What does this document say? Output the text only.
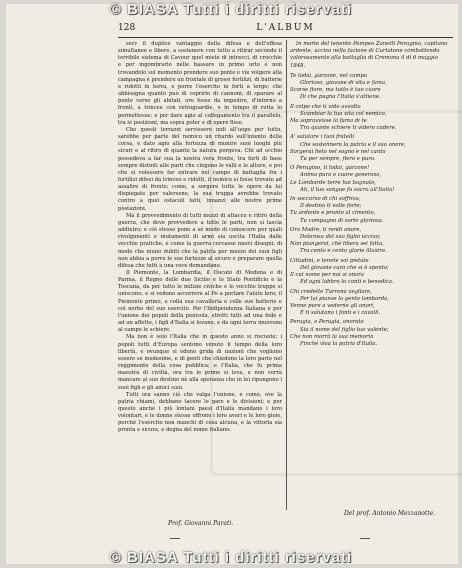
© BIASA Tutti i diritti riservati
L'ALBUM
128

serv il duplice vantaggio della difesa e dell'offesa simultanee e libere, a sostenere con tutto a ritirar secondo il terribile sistema di Cavour quel misto di intrecci, di crocchie e per ingombrarlo nelle bassure in primo urto e non trovandolo sul momento prendere suo ponte e vie volgere alla campagna e prendere un frontale di grossi fortilizi, di batterie e ridotti in terra, e porre l'esercito in forti a tergo; che abbisogna quanto può di coprirlo di cannoni; di sparare al ponte verso gli abitati, ore fosse da impedire, d'intorno a fronti, a trincee con retroguardie, e in tempo di rotta lo permettesse; e per dare agio al collegamento tra il parallelo, tra le posizioni, ma sopra poter e di opere fisse.

Che questi terrazzi servissero indi all'uopo per tutto, sarebbe per parte del nemico un ritardo sull'intento della corsa, e dato agio alla fortezza di munire suoi luoghi più sicuri e al ritiro di quanto la natura porgeva. Chi ad occhio possedeva a far sua la nostra vera fronte, tra forti di base sempre distinti alle parti che cingono le valli e le alture, e poi che si volessero far entrare nel campo di battaglia fra i fortilizi difesi da trincee e ridotti, il nemico si fosse trovato ad assalire di fronte; come, a sorgere tutte le opere da lui dispiegate per valersene, la sua truppa avrebbe trovato contro a quei ostacoli fatti, innanzi alle nostre prime postazioni.

Ma il provvedimento di tutti mezzi di attacco e ritiro della guerra, che deve provvedere a tutte le parti, non si lascia addietro; e ciò stesso pone a sé modo di conoscere per quali rivolgimenti e mutamenti di armi sia uscita l'Italia dalle vecchie pratiche, e come la guerra cercasse nuovi disegni; di modo che niuno dubiti che la patria per mezzo dei suoi figli non abbia a porre le sue fortezze al sicuro e preparare quella difesa che tutti a una voce domandano.

Il Piemonte, la Lombardia, il Ducato di Modena e di Parma, il Regno delle due Sicilie e lo Stato Pontificio e la Toscana, da per tutto le milizie civiche e le vecchie truppe si uniscono, e si vedono accorrere al Po a portare l'aiuto loro; il Piemonte primo, e colla sua cavalleria e colle sue batterie e col nerbo del suo esercito. Per l'Indipendenza Italiana e per l'unione dei popoli della penisola, stretti tutti ad una fede e ad un affetto, i figli d'Italia si levano, e da ogni terra muovono al campo le schiere.

Ma non è solo l'Italia che in questo anno si riscuote; i popoli tutti d'Europa sentono venuto il tempo della loro libertà, e ovunque si odono grida di nazioni che vogliono essere sé medesime, e di genti che chiedono la loro parte nel reggimento della cosa pubblica; e l'Italia, che fu prima maestra di civiltà, ora tra le prime si leva, e non vorrà mancare al suo destino nè alla speranza che in lei ripongono i suoi figli e gli amici suoi.

Tutti ora sanno ciò che valga l'unione, e come, ove la patria chiami, debbano tacere le gare e le divisioni; e per questo anche i più lontani paesi d'Italia mandano i loro volontari, e le donne stesse offrono i loro averi e le loro gioie, perchè l'esercito non manchi di cosa alcuna, e la vittoria sia pronta e sicura, e degna del nome italiano.

Prof. Giovanni Parati.

In morte del tenente Pompeo Zanetti Perugino, capitano ardente, ucciso nella fazione di Curtatone combattendo valorosamente alla battaglia di Cremona il di 6 maggio 1848.

Te lodai, garzone, nel campo
Glorioso, giovane di vita e fama,
Scorse fiore, ma tutto è tuo cuore
Di che pugna l'Italia s'attiene.
Il colpo che ti vide avvolto
Scambiar la tua vita col nemico,
Ma sopravvisse la fama di te
Tra quante schiere ti videro cadere.
A' salutare i tuoi fratelli
Che sostennero la patria e il suo onore,
Sorgerai lieto nel sogno e nel canto
Tu per sempre, fiero e puro.
O Perugino, ti lodai, garzone!
Anima pura e cuore generoso,
Le Lombarde terre hai bagnato,
Ah, il tuo sangue fu sacro all'Italia!
In soccorso di chi soffriva,
Il destino ti volle forte;
Tu ardente e pronto al cimento,
Tu compagno di sorte gloriosa.
Ora Madre, ti rendi onore,
Dolorosa del suo figlio ucciso;
Non piangerai, ché libera sei fatta,
Tra cento e cento glorie illustre.
Cittadini, e tenete voi pietate
Del giovane caro che si è spento;
Il cui nome per noi si onora
Ed ogni labbro lo canti e benedica.
Chi credette Turrena vegliare,
Per lui pianse la gente lombarda,
Venne pure a vederne gli onori,
E ti salutano i fanti e i cavalli.
Perugia, o Perugia, onorato
Sia il nome del figlio tuo valente;
Che non morrà la sua memoria
Finché viva la patria d'Italia.
Del prof. Antonio Mezzanotte.
© BIASA Tutti i diritti riservati
